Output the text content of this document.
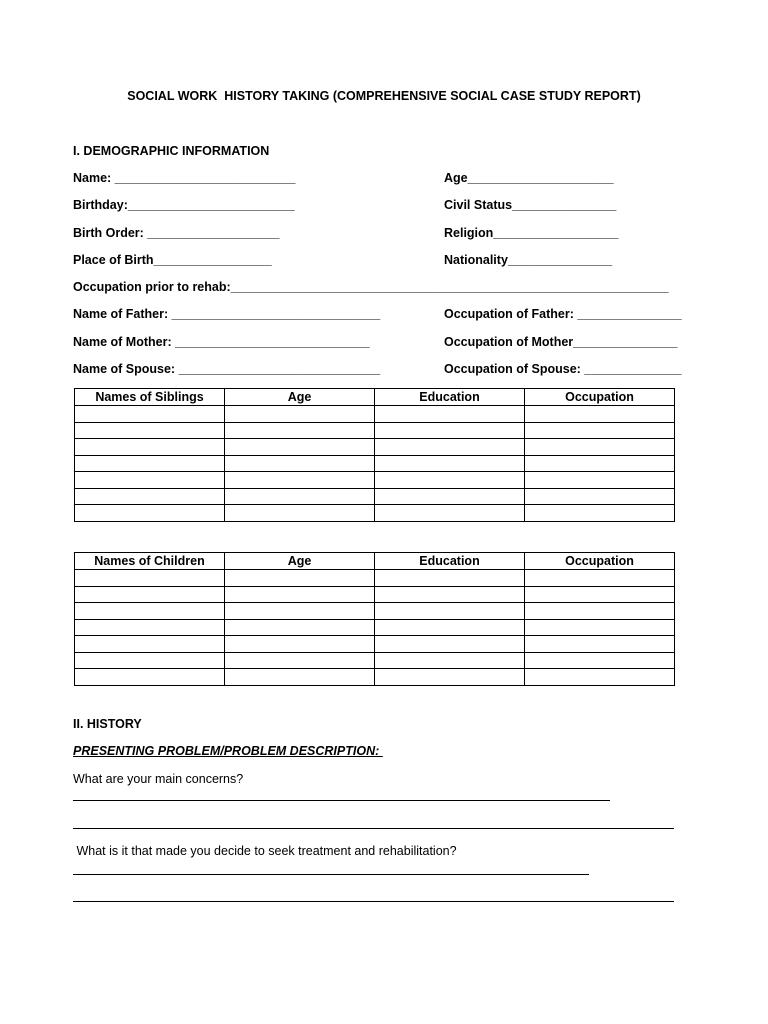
SOCIAL WORK  HISTORY TAKING (COMPREHENSIVE SOCIAL CASE STUDY REPORT)
I. DEMOGRAPHIC INFORMATION
Name: __________________________	Age_____________________
Birthday:________________________	Civil Status_______________
Birth Order: ___________________	Religion__________________
Place of Birth_________________	Nationality_______________
Occupation prior to rehab:_______________________________________________________________
Name of Father: ______________________________	Occupation of Father: _______________
Name of Mother: ____________________________	Occupation of Mother_______________
Name of Spouse: _____________________________	Occupation of Spouse: ______________
Names of Siblings	Age	Education	Occupation

Names of Children	Age	Education	Occupation

II. HISTORY
PRESENTING PROBLEM/PROBLEM DESCRIPTION:
What are your main concerns?
What is it that made you decide to seek treatment and rehabilitation?
